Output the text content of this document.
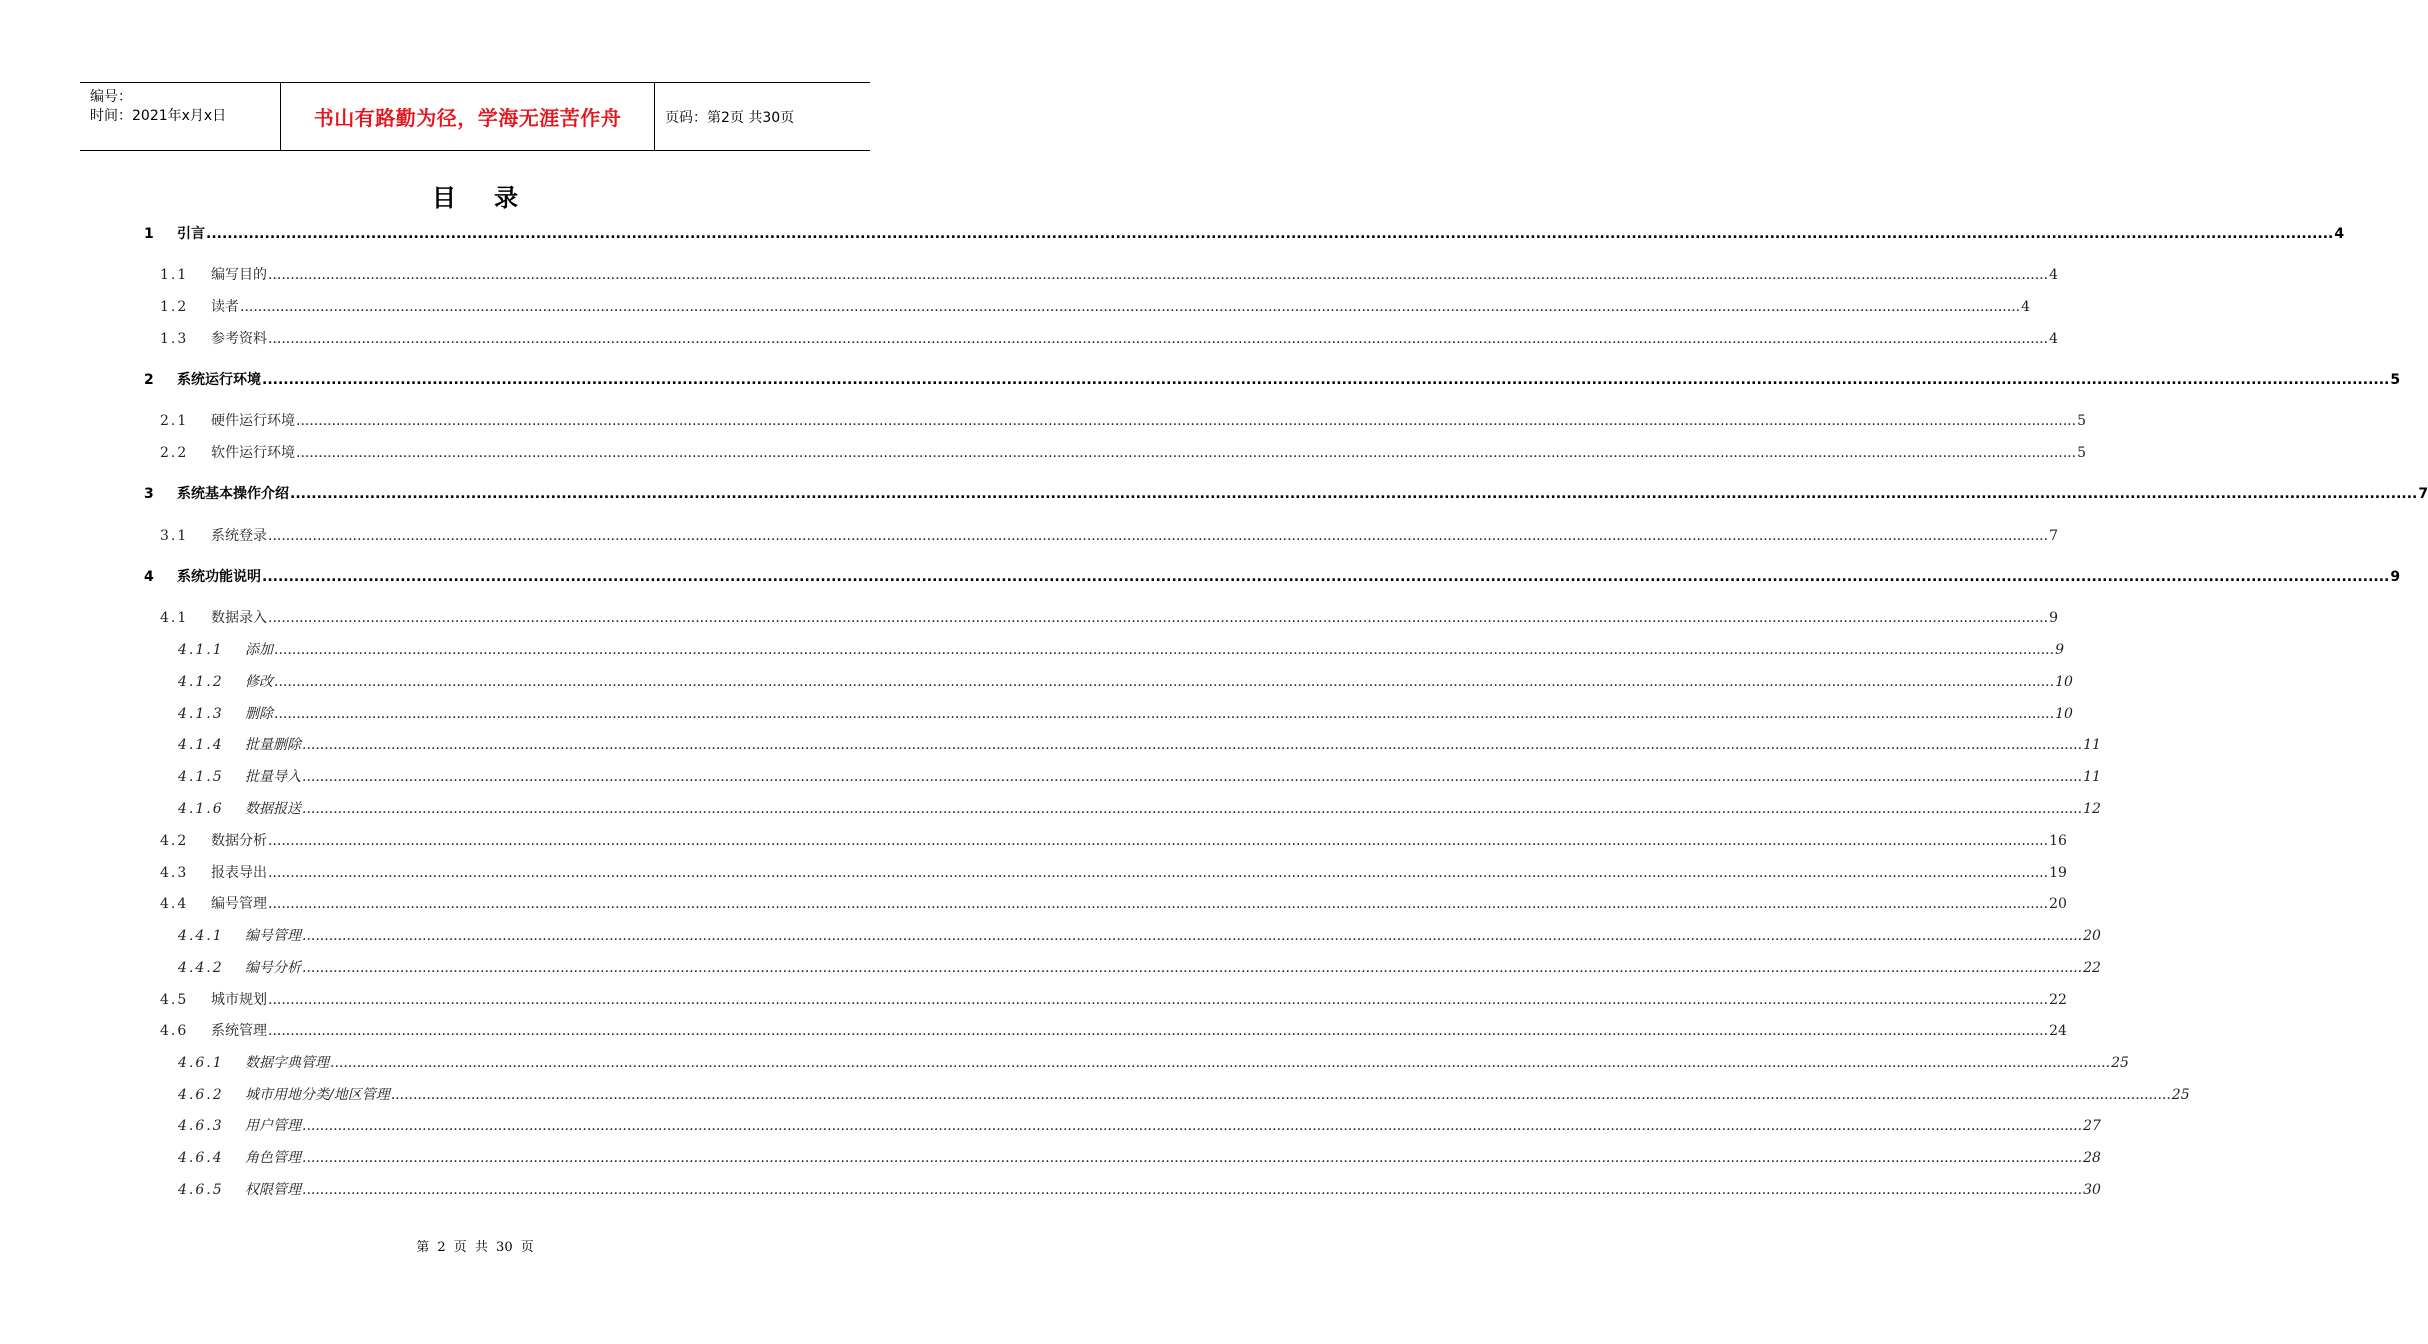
编号：
时间：2021年x月x日	书山有路勤为径，学海无涯苦作舟	页码：第2页 共30页
目 录
1	引言 ................................................................................................................................................................................................................................................................................................................................................................................................................ 4
1.1	编写目的 ................................................................................................................................................................................................................................................................................................................................................................................................................ 4
1.2	读者 ................................................................................................................................................................................................................................................................................................................................................................................................................ 4
1.3	参考资料 ................................................................................................................................................................................................................................................................................................................................................................................................................ 4
2	系统运行环境 ................................................................................................................................................................................................................................................................................................................................................................................................................ 5
2.1	硬件运行环境 ................................................................................................................................................................................................................................................................................................................................................................................................................ 5
2.2	软件运行环境 ................................................................................................................................................................................................................................................................................................................................................................................................................ 5
3	系统基本操作介绍 ................................................................................................................................................................................................................................................................................................................................................................................................................ 7
3.1	系统登录 ................................................................................................................................................................................................................................................................................................................................................................................................................ 7
4	系统功能说明 ................................................................................................................................................................................................................................................................................................................................................................................................................ 9
4.1	数据录入 ................................................................................................................................................................................................................................................................................................................................................................................................................ 9
4.1.1	添加 ................................................................................................................................................................................................................................................................................................................................................................................................................ 9
4.1.2	修改 ................................................................................................................................................................................................................................................................................................................................................................................................................ 10
4.1.3	删除 ................................................................................................................................................................................................................................................................................................................................................................................................................ 10
4.1.4	批量删除 ................................................................................................................................................................................................................................................................................................................................................................................................................ 11
4.1.5	批量导入 ................................................................................................................................................................................................................................................................................................................................................................................................................ 11
4.1.6	数据报送 ................................................................................................................................................................................................................................................................................................................................................................................................................ 12
4.2	数据分析 ................................................................................................................................................................................................................................................................................................................................................................................................................ 16
4.3	报表导出 ................................................................................................................................................................................................................................................................................................................................................................................................................ 19
4.4	编号管理 ................................................................................................................................................................................................................................................................................................................................................................................................................ 20
4.4.1	编号管理 ................................................................................................................................................................................................................................................................................................................................................................................................................ 20
4.4.2	编号分析 ................................................................................................................................................................................................................................................................................................................................................................................................................ 22
4.5	城市规划 ................................................................................................................................................................................................................................................................................................................................................................................................................ 22
4.6	系统管理 ................................................................................................................................................................................................................................................................................................................................................................................................................ 24
4.6.1	数据字典管理 ................................................................................................................................................................................................................................................................................................................................................................................................................ 25
4.6.2	城市用地分类/地区管理 ................................................................................................................................................................................................................................................................................................................................................................................................................ 25
4.6.3	用户管理 ................................................................................................................................................................................................................................................................................................................................................................................................................ 27
4.6.4	角色管理 ................................................................................................................................................................................................................................................................................................................................................................................................................ 28
4.6.5	权限管理 ................................................................................................................................................................................................................................................................................................................................................................................................................ 30
第 2 页 共 30 页
